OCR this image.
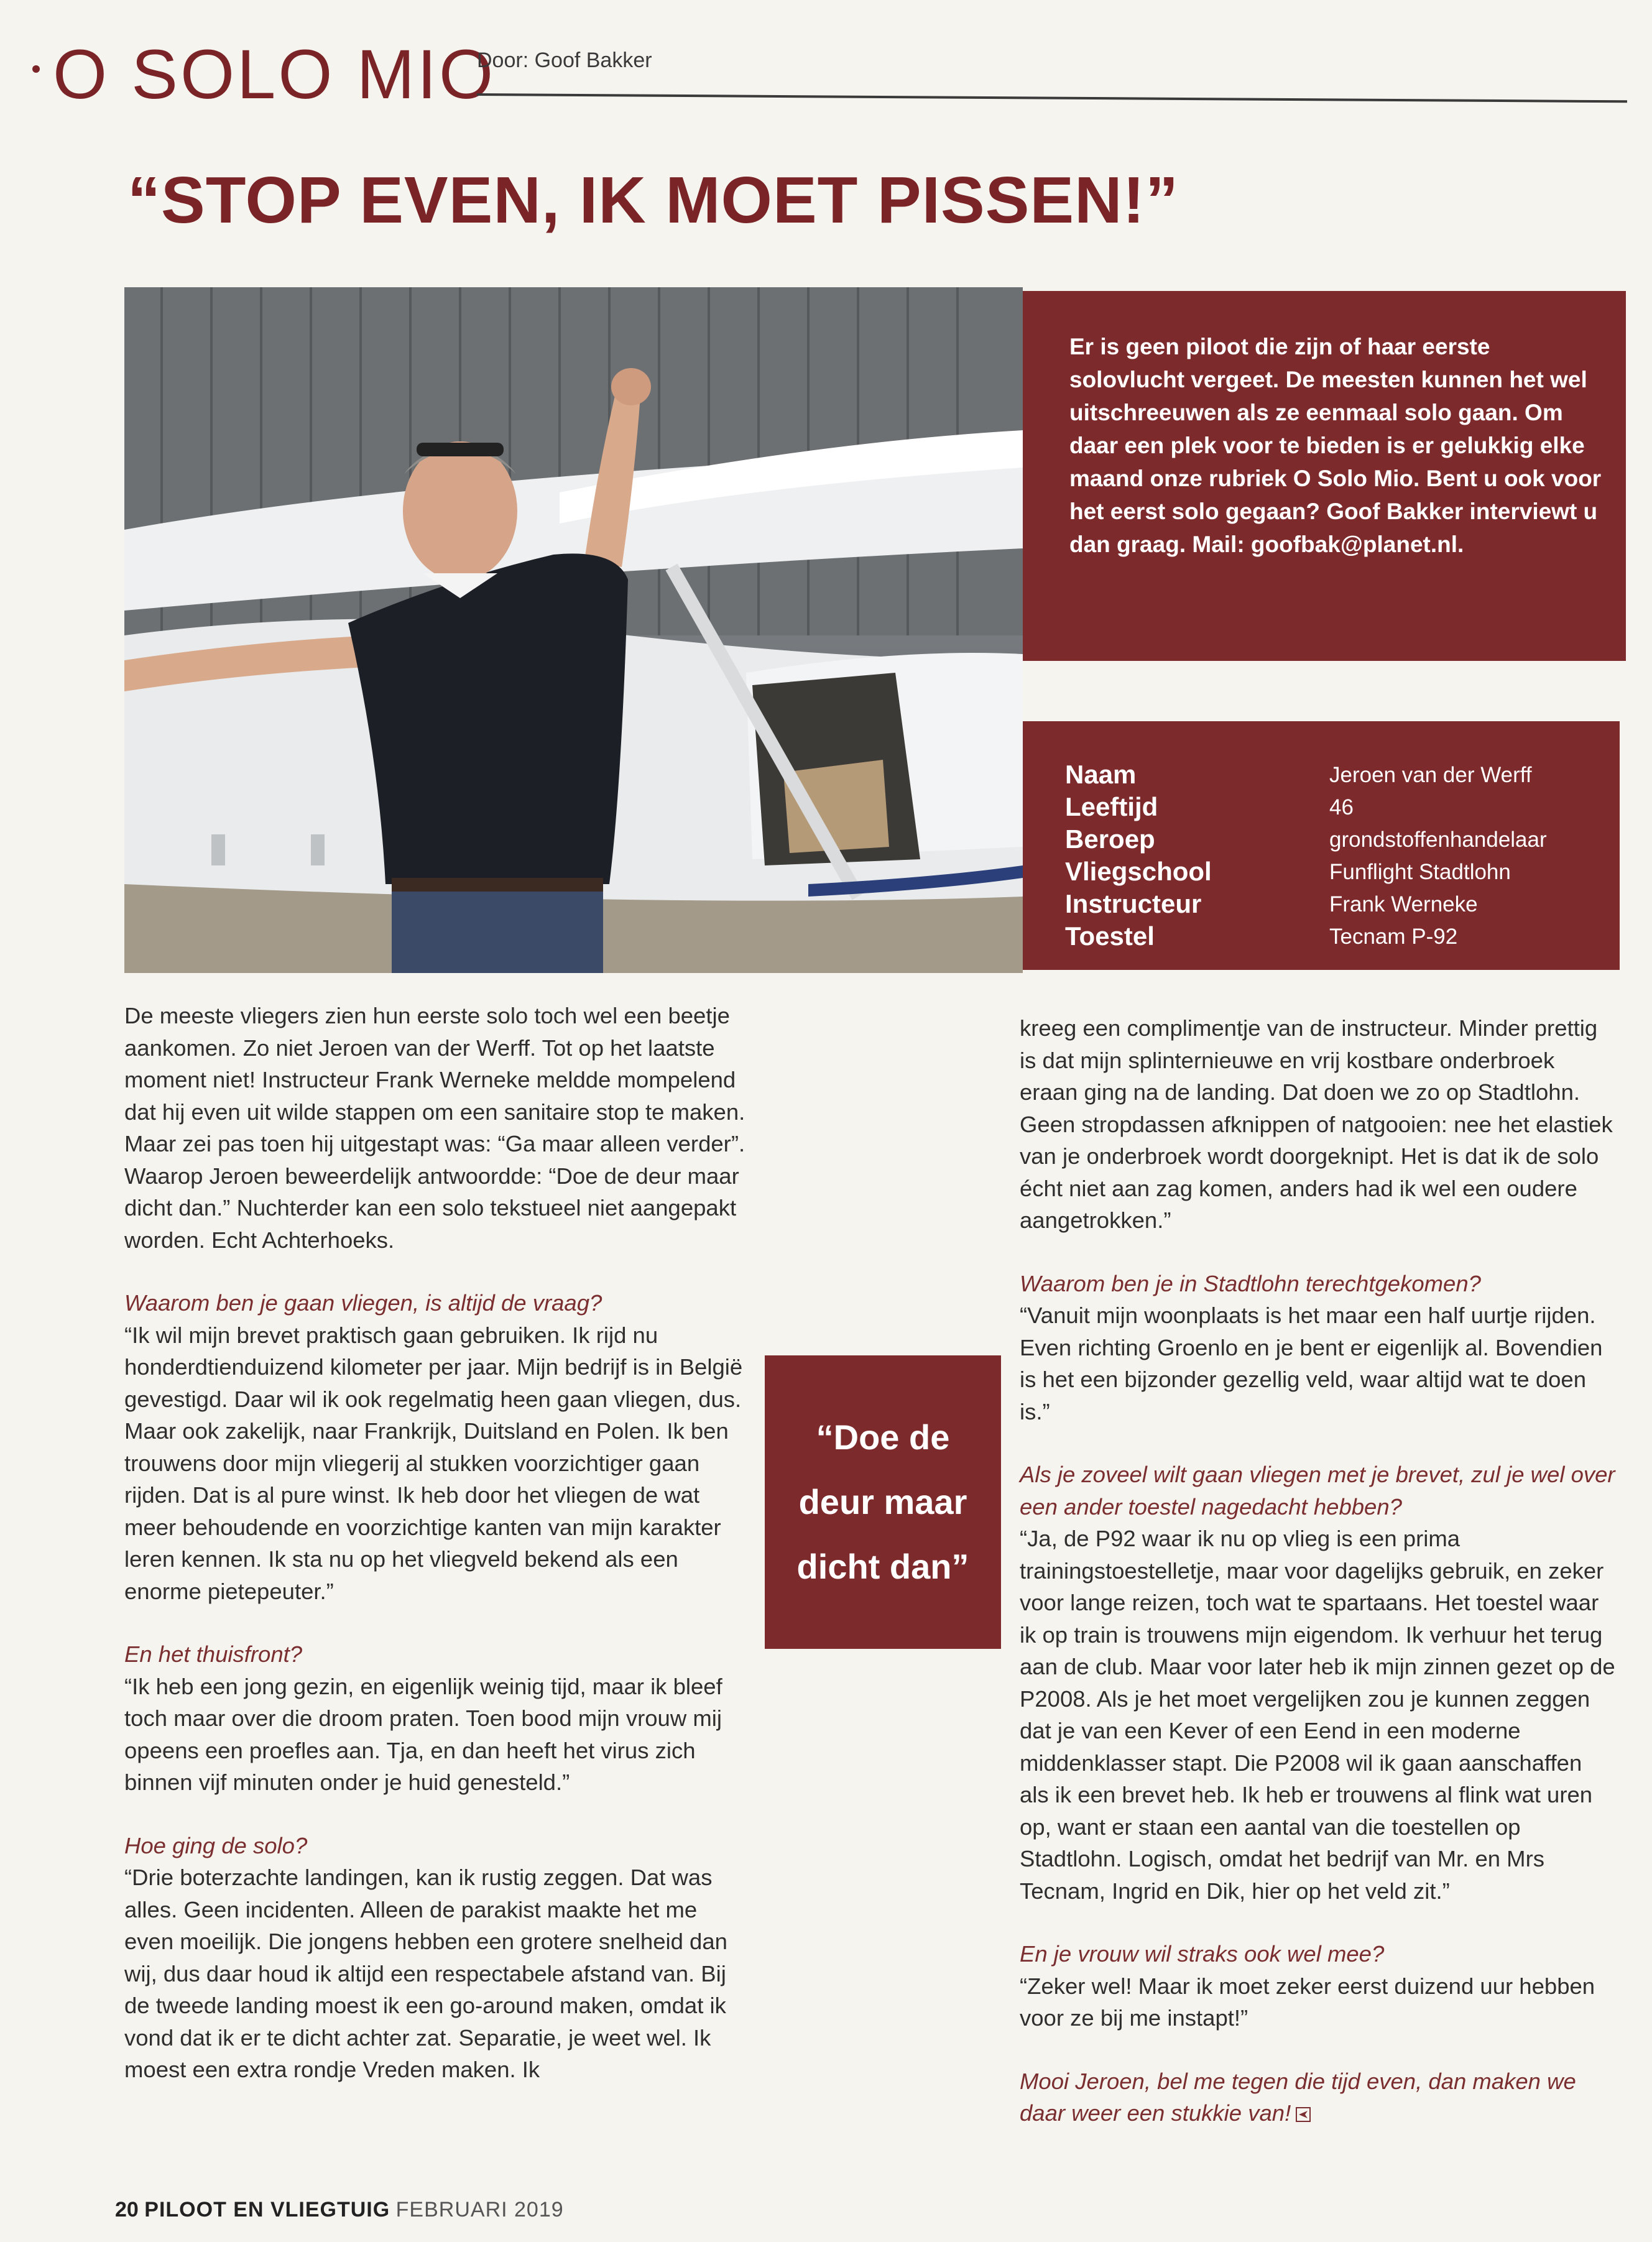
O SOLO MIO
Door: Goof Bakker
“STOP EVEN, IK MOET PISSEN!”
Er is geen piloot die zijn of haar eerste solovlucht vergeet. De meesten kunnen het wel uitschreeuwen als ze eenmaal solo gaan. Om daar een plek voor te bieden is er gelukkig elke maand onze rubriek O Solo Mio. Bent u ook voor het eerst solo gegaan? Goof Bakker interviewt u dan graag. Mail: goofbak@planet.nl.
Naam	Jeroen van der Werff
Leeftijd	46
Beroep	grondstoffenhandelaar
Vliegschool	Funflight Stadtlohn
Instructeur	Frank Werneke
Toestel	Tecnam P-92

De meeste vliegers zien hun eerste solo toch wel een beetje aankomen. Zo niet Jeroen van der Werff. Tot op het laatste moment niet! Instructeur Frank Werneke meldde mompelend dat hij even uit wilde stappen om een sanitaire stop te maken. Maar zei pas toen hij uitgestapt was: “Ga maar alleen verder”. Waarop Jeroen beweerdelijk antwoordde: “Doe de deur maar dicht dan.” Nuchterder kan een solo tekstueel niet aangepakt worden. Echt Achterhoeks.

Waarom ben je gaan vliegen, is altijd de vraag?

“Ik wil mijn brevet praktisch gaan gebruiken. Ik rijd nu honderdtienduizend kilometer per jaar. Mijn bedrijf is in België gevestigd. Daar wil ik ook regelmatig heen gaan vliegen, dus. Maar ook zakelijk, naar Frankrijk, Duitsland en Polen. Ik ben trouwens door mijn vliegerij al stukken voorzichtiger gaan rijden. Dat is al pure winst. Ik heb door het vliegen de wat meer behoudende en voorzichtige kanten van mijn karakter leren kennen. Ik sta nu op het vliegveld bekend als een enorme pietepeuter.”

En het thuisfront?

“Ik heb een jong gezin, en eigenlijk weinig tijd, maar ik bleef toch maar over die droom praten. Toen bood mijn vrouw mij opeens een proefles aan. Tja, en dan heeft het virus zich binnen vijf minuten onder je huid genesteld.”

Hoe ging de solo?

“Drie boterzachte landingen, kan ik rustig zeggen. Dat was alles. Geen incidenten. Alleen de parakist maakte het me even moeilijk. Die jongens hebben een grotere snelheid dan wij, dus daar houd ik altijd een respectabele afstand van. Bij de tweede landing moest ik een go-around maken, omdat ik vond dat ik er te dicht achter zat. Separatie, je weet wel. Ik moest een extra rondje Vreden maken. Ik

“Doe de deur maar dicht dan”

kreeg een complimentje van de instructeur. Minder prettig is dat mijn splinternieuwe en vrij kostbare onderbroek eraan ging na de landing. Dat doen we zo op Stadtlohn. Geen stropdassen afknippen of natgooien: nee het elastiek van je onderbroek wordt doorgeknipt. Het is dat ik de solo écht niet aan zag komen, anders had ik wel een oudere aangetrokken.”

Waarom ben je in Stadtlohn terechtgekomen?

“Vanuit mijn woonplaats is het maar een half uurtje rijden. Even richting Groenlo en je bent er eigenlijk al. Bovendien is het een bijzonder gezellig veld, waar altijd wat te doen is.”

Als je zoveel wilt gaan vliegen met je brevet, zul je wel over een ander toestel nagedacht hebben?

“Ja, de P92 waar ik nu op vlieg is een prima trainingstoestelletje, maar voor dagelijks gebruik, en zeker voor lange reizen, toch wat te spartaans. Het toestel waar ik op train is trouwens mijn eigendom. Ik verhuur het terug aan de club. Maar voor later heb ik mijn zinnen gezet op de P2008. Als je het moet vergelijken zou je kunnen zeggen dat je van een Kever of een Eend in een moderne middenklasser stapt. Die P2008 wil ik gaan aanschaffen als ik een brevet heb. Ik heb er trouwens al flink wat uren op, want er staan een aantal van die toestellen op Stadtlohn. Logisch, omdat het bedrijf van Mr. en Mrs Tecnam, Ingrid en Dik, hier op het veld zit.”

En je vrouw wil straks ook wel mee?

“Zeker wel! Maar ik moet zeker eerst duizend uur hebben voor ze bij me instapt!”

Mooi Jeroen, bel me tegen die tijd even, dan maken we daar weer een stukkie van!

20 PILOOT EN VLIEGTUIG FEBRUARI 2019
